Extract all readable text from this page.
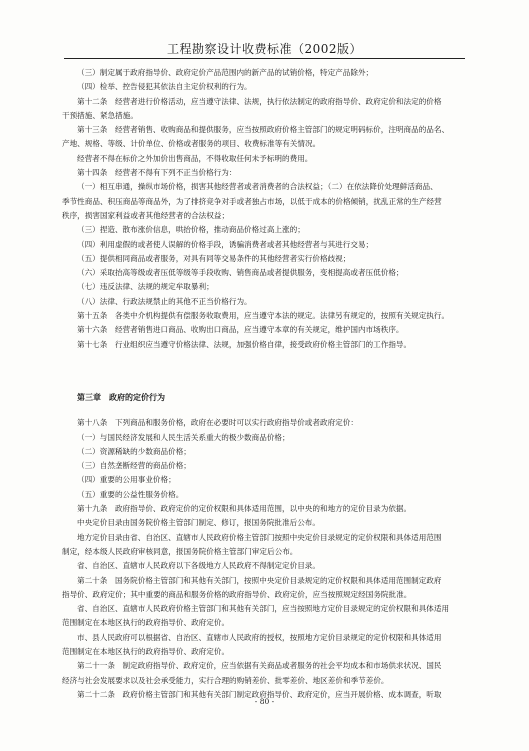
工程勘察设计收费标准（2002版）
（三）制定属于政府指导价、政府定价产品范围内的新产品的试销价格，特定产品除外；
（四）检举、控告侵犯其依法自主定价权利的行为。
第十二条　经营者进行价格活动，应当遵守法律、法规，执行依法制定的政府指导价、政府定价和法定的价格
干预措施、紧急措施。
第十三条　经营者销售、收购商品和提供服务，应当按照政府价格主管部门的规定明码标价，注明商品的品名、
产地、规格、等级、计价单位、价格或者服务的项目、收费标准等有关情况。
经营者不得在标价之外加价出售商品，不得收取任何未予标明的费用。
第十四条　经营者不得有下列不正当价格行为：
（一）相互串通，操纵市场价格，损害其他经营者或者消费者的合法权益；（二）在依法降价处理鲜活商品、
季节性商品、积压商品等商品外，为了排挤竞争对手或者独占市场，以低于成本的价格倾销，扰乱正常的生产经营
秩序，损害国家利益或者其他经营者的合法权益；
（三）捏造、散布涨价信息，哄抬价格，推动商品价格过高上涨的；
（四）利用虚假的或者使人误解的价格手段，诱骗消费者或者其他经营者与其进行交易；
（五）提供相同商品或者服务，对具有同等交易条件的其他经营者实行价格歧视；
（六）采取抬高等级或者压低等级等手段收购、销售商品或者提供服务，变相提高或者压低价格；
（七）违反法律、法规的规定牟取暴利；
（八）法律、行政法规禁止的其他不正当价格行为。
第十五条　各类中介机构提供有偿服务收取费用，应当遵守本法的规定。法律另有规定的，按照有关规定执行。
第十六条　经营者销售进口商品、收购出口商品，应当遵守本章的有关规定，维护国内市场秩序。
第十七条　行业组织应当遵守价格法律、法规，加强价格自律，接受政府价格主管部门的工作指导。
第三章　政府的定价行为
第十八条　下列商品和服务价格，政府在必要时可以实行政府指导价或者政府定价：
（一）与国民经济发展和人民生活关系重大的极少数商品价格；
（二）资源稀缺的少数商品价格；
（三）自然垄断经营的商品价格；
（四）重要的公用事业价格；
（五）重要的公益性服务价格。
第十九条　政府指导价、政府定价的定价权限和具体适用范围，以中央的和地方的定价目录为依据。
中央定价目录由国务院价格主管部门制定、修订，报国务院批准后公布。
地方定价目录由省、自治区、直辖市人民政府价格主管部门按照中央定价目录规定的定价权限和具体适用范围
制定，经本级人民政府审核同意，报国务院价格主管部门审定后公布。
省、自治区、直辖市人民政府以下各级地方人民政府不得制定定价目录。
第二十条　国务院价格主管部门和其他有关部门，按照中央定价目录规定的定价权限和具体适用范围制定政府
指导价、政府定价；其中重要的商品和服务价格的政府指导价、政府定价，应当按照规定经国务院批准。
省、自治区、直辖市人民政府价格主管部门和其他有关部门，应当按照地方定价目录规定的定价权限和具体适用
范围制定在本地区执行的政府指导价、政府定价。
市、县人民政府可以根据省、自治区、直辖市人民政府的授权，按照地方定价目录规定的定价权限和具体适用
范围制定在本地区执行的政府指导价、政府定价。
第二十一条　制定政府指导价、政府定价，应当依据有关商品或者服务的社会平均成本和市场供求状况、国民
经济与社会发展要求以及社会承受能力，实行合理的购销差价、批零差价、地区差价和季节差价。
第二十二条　政府价格主管部门和其他有关部门制定政府指导价、政府定价，应当开展价格、成本调查，听取
- 80 -
